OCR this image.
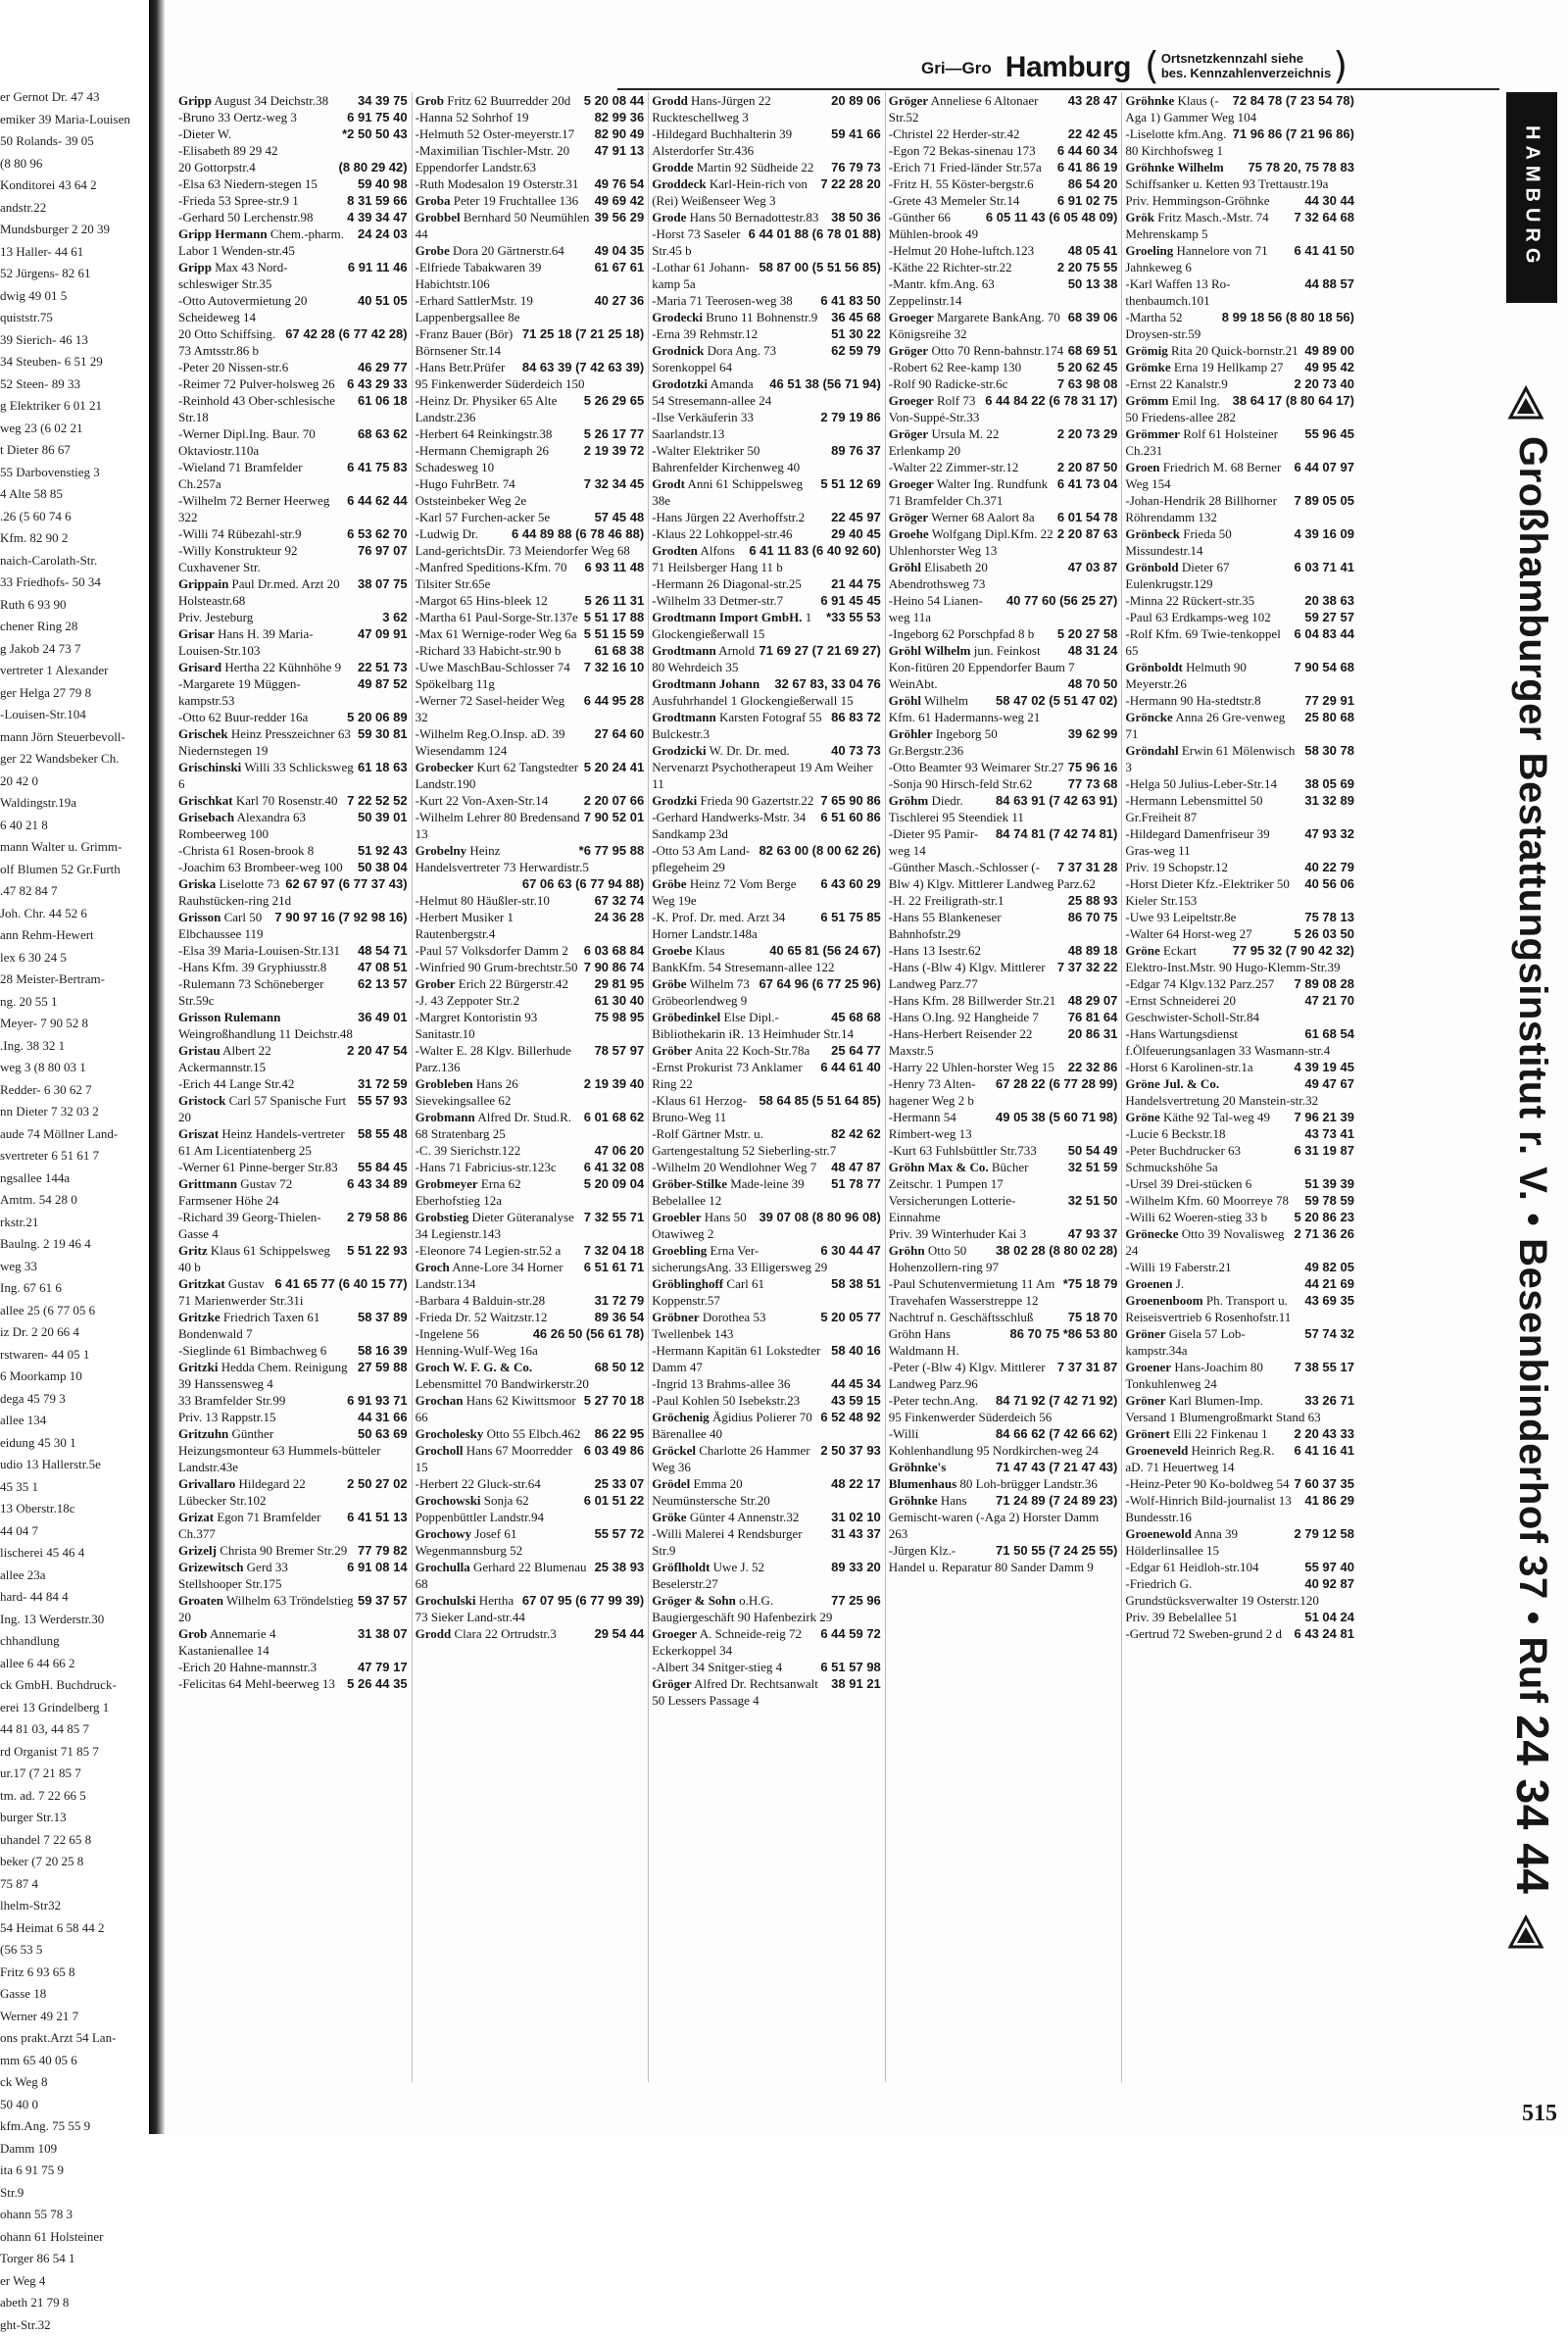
er Gernot Dr. 47 43
emiker 39 Maria-Louisen
50 Rolands- 39 05
(8 80 96
Konditorei 43 64 2
andstr.22
Mundsburger 2 20 39
13 Haller- 44 61
52 Jürgens- 82 61
dwig 49 01 5
quiststr.75
39 Sierich- 46 13
34 Steuben- 6 51 29
52 Steen- 89 33
g Elektriker 6 01 21
weg 23 (6 02 21
t Dieter 86 67
55 Darbovenstieg 3
4 Alte 58 85
.26 (5 60 74 6
Kfm. 82 90 2
naich-Carolath-Str.
33 Friedhofs- 50 34
Ruth 6 93 90
chener Ring 28
g Jakob 24 73 7
vertreter 1 Alexander
ger Helga 27 79 8
-Louisen-Str.104
mann Jörn Steuerbevoll-
ger 22 Wandsbeker Ch.
20 42 0
Waldingstr.19a
6 40 21 8
mann Walter u. Grimm-
olf Blumen 52 Gr.Furth
.47 82 84 7
Joh. Chr. 44 52 6
ann Rehm-Hewert
lex 6 30 24 5
28 Meister-Bertram-
ng. 20 55 1
Meyer- 7 90 52 8
.Ing. 38 32 1
weg 3 (8 80 03 1
Redder- 6 30 62 7
nn Dieter 7 32 03 2
aude 74 Möllner Land-
svertreter 6 51 61 7
ngsallee 144a
Amtm. 54 28 0
rkstr.21
Baulng. 2 19 46 4
weg 33
Ing. 67 61 6
allee 25 (6 77 05 6
iz Dr. 2 20 66 4
rstwaren- 44 05 1
6 Moorkamp 10
dega 45 79 3
allee 134
eidung 45 30 1
udio 13 Hallerstr.5e
45 35 1
13 Oberstr.18c
44 04 7
lischerei 45 46 4
allee 23a
hard- 44 84 4
Ing. 13 Werderstr.30
chhandlung
allee 6 44 66 2
ck GmbH. Buchdruck-
erei 13 Grindelberg 1
44 81 03, 44 85 7
rd Organist 71 85 7
ur.17 (7 21 85 7
tm. ad. 7 22 66 5
burger Str.13
uhandel 7 22 65 8
beker (7 20 25 8
75 87 4
lhelm-Str32
54 Heimat 6 58 44 2
(56 53 5
Fritz 6 93 65 8
Gasse 18
Werner 49 21 7
ons prakt.Arzt 54 Lan-
mm 65 40 05 6
ck Weg 8
50 40 0
kfm.Ang. 75 55 9
Damm 109
ita 6 91 75 9
Str.9
ohann 55 78 3
ohann 61 Holsteiner
Torger 86 54 1
er Weg 4
abeth 21 79 8
ght-Str.32
Gri—Gro Hamburg ( Ortsnetzkennzahl siehe
bes. Kennzahlenverzeichnis )
34 39 75
Gripp August 34 Deichstr.38
6 91 75 40
-Bruno 33 Oertz-weg 3
*2 50 50 43
-Dieter W.
-Elisabeth 89 29 42
(8 80 29 42)
20 Gottorpstr.4
59 40 98
-Elsa 63 Niedern-stegen 15
8 31 59 66
-Frieda 53 Spree-str.9 1
4 39 34 47
-Gerhard 50 Lerchenstr.98
24 24 03
Gripp Hermann Chem.-pharm. Labor 1 Wenden-str.45
6 91 11 46
Gripp Max 43 Nord-schleswiger Str.35
40 51 05
-Otto Autovermietung 20 Scheideweg 14
67 42 28 (6 77 42 28)
20 Otto Schiffsing. 73 Amtsstr.86 b
46 29 77
-Peter 20 Nissen-str.6
6 43 29 33
-Reimer 72 Pulver-holsweg 26
61 06 18
-Reinhold 43 Ober-schlesische Str.18
68 63 62
-Werner Dipl.Ing. Baur. 70 Oktaviostr.110a
6 41 75 83
-Wieland 71 Bramfelder Ch.257a
6 44 62 44
-Wilhelm 72 Berner Heerweg 322
6 53 62 70
-Willi 74 Rübezahl-str.9
76 97 07
-Willy Konstrukteur 92 Cuxhavener Str.
38 07 75
Grippain Paul Dr.med. Arzt 20 Holsteastr.68
3 62
Priv. Jesteburg
47 09 91
Grisar Hans H. 39 Maria-Louisen-Str.103
22 51 73
Grisard Hertha 22 Kühnhöhe 9
49 87 52
-Margarete 19 Müggen-kampstr.53
5 20 06 89
-Otto 62 Buur-redder 16a
59 30 81
Grischek Heinz Presszeichner 63 Niedernstegen 19
61 18 63
Grischinski Willi 33 Schlicksweg 6
7 22 52 52
Grischkat Karl 70 Rosenstr.40
50 39 01
Grisebach Alexandra 63 Rombeerweg 100
51 92 43
-Christa 61 Rosen-brook 8
50 38 04
-Joachim 63 Brombeer-weg 100
62 67 97 (6 77 37 43)
Griska Liselotte 73 Rauhstücken-ring 21d
7 90 97 16 (7 92 98 16)
Grisson Carl 50 Elbchaussee 119
48 54 71
-Elsa 39 Maria-Louisen-Str.131
47 08 51
-Hans Kfm. 39 Gryphiusstr.8
62 13 57
-Rulemann 73 Schöneberger Str.59c
36 49 01
Grisson Rulemann Weingroßhandlung 11 Deichstr.48
2 20 47 54
Gristau Albert 22 Ackermannstr.15
31 72 59
-Erich 44 Lange Str.42
55 57 93
Gristock Carl 57 Spanische Furt 20
58 55 48
Griszat Heinz Handels-vertreter 61 Am Licentiatenberg 25
55 84 45
-Werner 61 Pinne-berger Str.83
6 43 34 89
Grittmann Gustav 72 Farmsener Höhe 24
2 79 58 86
-Richard 39 Georg-Thielen-Gasse 4
5 51 22 93
Gritz Klaus 61 Schippelsweg 40 b
6 41 65 77 (6 40 15 77)
Gritzkat Gustav 71 Marienwerder Str.31i
58 37 89
Gritzke Friedrich Taxen 61 Bondenwald 7
58 16 39
-Sieglinde 61 Bimbachweg 6
27 59 88
Gritzki Hedda Chem. Reinigung 39 Hanssensweg 4
6 91 93 71
33 Bramfelder Str.99
44 31 66
Priv. 13 Rappstr.15
50 63 69
Gritzuhn Günther Heizungsmonteur 63 Hummels-bütteler Landstr.43e
2 50 27 02
Grivallaro Hildegard 22 Lübecker Str.102
6 41 51 13
Grizat Egon 71 Bramfelder Ch.377
77 79 82
Grizelj Christa 90 Bremer Str.29
6 91 08 14
Grizewitsch Gerd 33 Stellshooper Str.175
59 37 57
Groaten Wilhelm 63 Tröndelstieg 20
31 38 07
Grob Annemarie 4 Kastanienallee 14
47 79 17
-Erich 20 Hahne-mannstr.3
5 26 44 35
-Felicitas 64 Mehl-beerweg 13
5 20 08 44
Grob Fritz 62 Buurredder 20d
82 99 36
-Hanna 52 Sohrhof 19
82 90 49
-Helmuth 52 Oster-meyerstr.17
47 91 13
-Maximilian Tischler-Mstr. 20 Eppendorfer Landstr.63
49 76 54
-Ruth Modesalon 19 Osterstr.31
49 69 42
Groba Peter 19 Fruchtallee 136
39 56 29
Grobbel Bernhard 50 Neumühlen 44
49 04 35
Grobe Dora 20 Gärtnerstr.64
61 67 61
-Elfriede Tabakwaren 39 Habichtstr.106
40 27 36
-Erhard SattlerMstr. 19 Lappenbergsallee 8e
71 25 18 (7 21 25 18)
-Franz Bauer (Bör) Börnsener Str.14
84 63 39 (7 42 63 39)
-Hans Betr.Prüfer 95 Finkenwerder Süderdeich 150
5 26 29 65
-Heinz Dr. Physiker 65 Alte Landstr.236
5 26 17 77
-Herbert 64 Reinkingstr.38
2 19 39 72
-Hermann Chemigraph 26 Schadesweg 10
7 32 34 45
-Hugo FuhrBetr. 74 Oststeinbeker Weg 2e
57 45 48
-Karl 57 Furchen-acker 5e
6 44 89 88 (6 78 46 88)
-Ludwig Dr. Land-gerichtsDir. 73 Meiendorfer Weg 68
6 93 11 48
-Manfred Speditions-Kfm. 70 Tilsiter Str.65e
5 26 11 31
-Margot 65 Hins-bleek 12
5 51 17 88
-Martha 61 Paul-Sorge-Str.137e
5 51 15 59
-Max 61 Wernige-roder Weg 6a
61 68 38
-Richard 33 Habicht-str.90 b
7 32 16 10
-Uwe MaschBau-Schlosser 74 Spökelbarg 11g
6 44 95 28
-Werner 72 Sasel-heider Weg 32
27 64 60
-Wilhelm Reg.O.Insp. aD. 39 Wiesendamm 124
5 20 24 41
Grobecker Kurt 62 Tangstedter Landstr.190
2 20 07 66
-Kurt 22 Von-Axen-Str.14
7 90 52 01
-Wilhelm Lehrer 80 Bredensand 13
*6 77 95 88
Grobelny Heinz Handelsvertreter 73 Herwardistr.5
67 06 63 (6 77 94 88)
67 32 74
-Helmut 80 Häußler-str.10
24 36 28
-Herbert Musiker 1 Rautenbergstr.4
6 03 68 84
-Paul 57 Volksdorfer Damm 2
7 90 86 74
-Winfried 90 Grum-brechtstr.50
29 81 95
Grober Erich 22 Bürgerstr.42
61 30 40
-J. 43 Zeppoter Str.2
75 98 95
-Margret Kontoristin 93 Sanitastr.10
78 57 97
-Walter E. 28 Klgv. Billerhude Parz.136
2 19 39 40
Grobleben Hans 26 Sievekingsallee 62
6 01 68 62
Grobmann Alfred Dr. Stud.R. 68 Stratenbarg 25
47 06 20
-C. 39 Sierichstr.122
6 41 32 08
-Hans 71 Fabricius-str.123c
5 20 09 04
Grobmeyer Erna 62 Eberhofstieg 12a
7 32 55 71
Grobstieg Dieter Güteranalyse 34 Legienstr.143
7 32 04 18
-Eleonore 74 Legien-str.52 a
6 51 61 71
Groch Anne-Lore 34 Horner Landstr.134
31 72 79
-Barbara 4 Balduin-str.28
89 36 54
-Frieda Dr. 52 Waitzstr.12
46 26 50 (56 61 78)
-Ingelene 56 Henning-Wulf-Weg 16a
68 50 12
Groch W. F. G. & Co. Lebensmittel 70 Bandwirkerstr.20
5 27 70 18
Grochan Hans 62 Kiwittsmoor 66
86 22 95
Grocholesky Otto 55 Elbch.462
6 03 49 86
Grocholl Hans 67 Moorredder 15
25 33 07
-Herbert 22 Gluck-str.64
6 01 51 22
Grochowski Sonja 62 Poppenbüttler Landstr.94
55 57 72
Grochowy Josef 61 Wegenmannsburg 52
25 38 93
Grochulla Gerhard 22 Blumenau 68
67 07 95 (6 77 99 39)
Grochulski Hertha 73 Sieker Land-str.44
29 54 44
Grodd Clara 22 Ortrudstr.3
20 89 06
Grodd Hans-Jürgen 22 Ruckteschellweg 3
59 41 66
-Hildegard Buchhalterin 39 Alsterdorfer Str.436
76 79 73
Grodde Martin 92 Südheide 22
7 22 28 20
Groddeck Karl-Hein-rich von (Rei) Weißenseer Weg 3
38 50 36
Grode Hans 50 Bernadottestr.83
6 44 01 88 (6 78 01 88)
-Horst 73 Saseler Str.45 b
58 87 00 (5 51 56 85)
-Lothar 61 Johann-kamp 5a
6 41 83 50
-Maria 71 Teerosen-weg 38
36 45 68
Grodecki Bruno 11 Bohnenstr.9
51 30 22
-Erna 39 Rehmstr.12
62 59 79
Grodnick Dora Ang. 73 Sorenkoppel 64
46 51 38 (56 71 94)
Grodotzki Amanda 54 Stresemann-allee 24
2 79 19 86
-Ilse Verkäuferin 33 Saarlandstr.13
89 76 37
-Walter Elektriker 50 Bahrenfelder Kirchenweg 40
5 51 12 69
Grodt Anni 61 Schippelsweg 38e
22 45 97
-Hans Jürgen 22 Averhoffstr.2
29 40 45
-Klaus 22 Lohkoppel-str.46
6 41 11 83 (6 40 92 60)
Grodten Alfons 71 Heilsberger Hang 11 b
21 44 75
-Hermann 26 Diagonal-str.25
6 91 45 45
-Wilhelm 33 Detmer-str.7
*33 55 53
Grodtmann Import GmbH. 1 Glockengießerwall 15
71 69 27 (7 21 69 27)
Grodtmann Arnold 80 Wehrdeich 35
32 67 83, 33 04 76
Grodtmann Johann Ausfuhrhandel 1 Glockengießerwall 15
86 83 72
Grodtmann Karsten Fotograf 55 Bulckestr.3
40 73 73
Grodzicki W. Dr. Dr. med. Nervenarzt Psychotherapeut 19 Am Weiher 11
7 65 90 86
Grodzki Frieda 90 Gazertstr.22
6 51 60 86
-Gerhard Handwerks-Mstr. 34 Sandkamp 23d
82 63 00 (8 00 62 26)
-Otto 53 Am Land-pflegeheim 29
6 43 60 29
Gröbe Heinz 72 Vom Berge Weg 19e
6 51 75 85
-K. Prof. Dr. med. Arzt 34 Horner Landstr.148a
40 65 81 (56 24 67)
Groebe Klaus BankKfm. 54 Stresemann-allee 122
67 64 96 (6 77 25 96)
Gröbe Wilhelm 73 Gröbeorlendweg 9
45 68 68
Gröbedinkel Else Dipl.-Bibliothekarin iR. 13 Heimhuder Str.14
25 64 77
Gröber Anita 22 Koch-Str.78a
6 44 61 40
-Ernst Prokurist 73 Anklamer Ring 22
58 64 85 (5 51 64 85)
-Klaus 61 Herzog-Bruno-Weg 11
82 42 62
-Rolf Gärtner Mstr. u. Gartengestaltung 52 Sieberling-str.7
48 47 87
-Wilhelm 20 Wendlohner Weg 7
51 78 77
Gröber-Stilke Made-leine 39 Bebelallee 12
39 07 08 (8 80 96 08)
Groebler Hans 50 Otawiweg 2
6 30 44 47
Groebling Erna Ver-sicherungsAng. 33 Elligersweg 29
58 38 51
Gröblinghoff Carl 61 Koppenstr.57
5 20 05 77
Gröbner Dorothea 53 Twellenbek 143
58 40 16
-Hermann Kapitän 61 Lokstedter Damm 47
44 45 34
-Ingrid 13 Brahms-allee 36
43 59 15
-Paul Kohlen 50 Isebekstr.23
6 52 48 92
Gröchenig Ägidius Polierer 70 Bärenallee 40
2 50 37 93
Gröckel Charlotte 26 Hammer Weg 36
48 22 17
Grödel Emma 20 Neumünstersche Str.20
31 02 10
Gröke Günter 4 Annenstr.32
31 43 37
-Willi Malerei 4 Rendsburger Str.9
89 33 20
Gröflholdt Uwe J. 52 Beselerstr.27
77 25 96
Gröger & Sohn o.H.G. Baugiergeschäft 90 Hafenbezirk 29
6 44 59 72
Groeger A. Schneide-reig 72 Eckerkoppel 34
6 51 57 98
-Albert 34 Snitger-stieg 4
38 91 21
Gröger Alfred Dr. Rechtsanwalt 50 Lessers Passage 4
43 28 47
Gröger Anneliese 6 Altonaer Str.52
22 42 45
-Christel 22 Herder-str.42
6 44 60 34
-Egon 72 Bekas-sinenau 173
6 41 86 19
-Erich 71 Fried-länder Str.57a
86 54 20
-Fritz H. 55 Köster-bergstr.6
6 91 02 75
-Grete 43 Memeler Str.14
6 05 11 43 (6 05 48 09)
-Günther 66 Mühlen-brook 49
48 05 41
-Helmut 20 Hohe-luftch.123
2 20 75 55
-Käthe 22 Richter-str.22
50 13 38
-Mantr. kfm.Ang. 63 Zeppelinstr.14
68 39 06
Groeger Margarete BankAng. 70 Königsreihe 32
68 69 51
Gröger Otto 70 Renn-bahnstr.174
5 20 62 45
-Robert 62 Ree-kamp 130
7 63 98 08
-Rolf 90 Radicke-str.6c
6 44 84 22 (6 78 31 17)
Groeger Rolf 73 Von-Suppé-Str.33
2 20 73 29
Gröger Ursula M. 22 Erlenkamp 20
2 20 87 50
-Walter 22 Zimmer-str.12
6 41 73 04
Groeger Walter Ing. Rundfunk 71 Bramfelder Ch.371
6 01 54 78
Gröger Werner 68 Aalort 8a
2 20 87 63
Groehe Wolfgang Dipl.Kfm. 22 Uhlenhorster Weg 13
47 03 87
Gröhl Elisabeth 20 Abendrothsweg 73
40 77 60 (56 25 27)
-Heino 54 Lianen-weg 11a
5 20 27 58
-Ingeborg 62 Porschpfad 8 b
48 31 24
Gröhl Wilhelm jun. Feinkost Kon-fitüren 20 Eppendorfer Baum 7
48 70 50
WeinAbt.
58 47 02 (5 51 47 02)
Gröhl Wilhelm Kfm. 61 Hadermanns-weg 21
39 62 99
Gröhler Ingeborg 50 Gr.Bergstr.236
75 96 16
-Otto Beamter 93 Weimarer Str.27
77 73 68
-Sonja 90 Hirsch-feld Str.62
84 63 91 (7 42 63 91)
Gröhm Diedr. Tischlerei 95 Steendiek 11
84 74 81 (7 42 74 81)
-Dieter 95 Pamir-weg 14
7 37 31 28
-Günther Masch.-Schlosser (-Blw 4) Klgv. Mittlerer Landweg Parz.62
25 88 93
-H. 22 Freiligrath-str.1
86 70 75
-Hans 55 Blankeneser Bahnhofstr.29
48 89 18
-Hans 13 Isestr.62
7 37 32 22
-Hans (-Blw 4) Klgv. Mittlerer Landweg Parz.77
48 29 07
-Hans Kfm. 28 Billwerder Str.21
76 81 64
-Hans O.Ing. 92 Hangheide 7
20 86 31
-Hans-Herbert Reisender 22 Maxstr.5
22 32 86
-Harry 22 Uhlen-horster Weg 15
67 28 22 (6 77 28 99)
-Henry 73 Alten-hagener Weg 2 b
49 05 38 (5 60 71 98)
-Hermann 54 Rimbert-weg 13
50 54 49
-Kurt 63 Fuhlsbüttler Str.733
32 51 59
Gröhn Max & Co. Bücher Zeitschr. 1 Pumpen 17
32 51 50
Versicherungen Lotterie-Einnahme
47 93 37
Priv. 39 Winterhuder Kai 3
38 02 28 (8 80 02 28)
Gröhn Otto 50 Hohenzollern-ring 97
*75 18 79
-Paul Schutenvermietung 11 Am Travehafen Wasserstreppe 12
75 18 70
Nachtruf n. Geschäftsschluß
86 70 75 *86 53 80
Gröhn Hans Waldmann H.
7 37 31 87
-Peter (-Blw 4) Klgv. Mittlerer Landweg Parz.96
84 71 92 (7 42 71 92)
-Peter techn.Ang. 95 Finkenwerder Süderdeich 56
84 66 62 (7 42 66 62)
-Willi Kohlenhandlung 95 Nordkirchen-weg 24
71 47 43 (7 21 47 43)
Gröhnke's Blumenhaus 80 Loh-brügger Landstr.36
71 24 89 (7 24 89 23)
Gröhnke Hans Gemischt-waren (-Aga 2) Horster Damm 263
71 50 55 (7 24 25 55)
-Jürgen Klz.-Handel u. Reparatur 80 Sander Damm 9
72 84 78 (7 23 54 78)
Gröhnke Klaus (-Aga 1) Gammer Weg 104
71 96 86 (7 21 96 86)
-Liselotte kfm.Ang. 80 Kirchhofsweg 1
75 78 20, 75 78 83
Gröhnke Wilhelm Schiffsanker u. Ketten 93 Trettaustr.19a
44 30 44
Priv. Hemmingson-Gröhnke
7 32 64 68
Grök Fritz Masch.-Mstr. 74 Mehrenskamp 5
6 41 41 50
Groeling Hannelore von 71 Jahnkeweg 6
44 88 57
-Karl Waffen 13 Ro-thenbaumch.101
8 99 18 56 (8 80 18 56)
-Martha 52 Droysen-str.59
49 89 00
Grömig Rita 20 Quick-bornstr.21
49 95 42
Grömke Erna 19 Hellkamp 27
2 20 73 40
-Ernst 22 Kanalstr.9
38 64 17 (8 80 64 17)
Grömm Emil Ing. 50 Friedens-allee 282
55 96 45
Grömmer Rolf 61 Holsteiner Ch.231
6 44 07 97
Groen Friedrich M. 68 Berner Weg 154
7 89 05 05
-Johan-Hendrik 28 Billhorner Röhrendamm 132
4 39 16 09
Grönbeck Frieda 50 Missundestr.14
6 03 71 41
Grönbold Dieter 67 Eulenkrugstr.129
20 38 63
-Minna 22 Rückert-str.35
59 27 57
-Paul 63 Erdkamps-weg 102
6 04 83 44
-Rolf Kfm. 69 Twie-tenkoppel 65
7 90 54 68
Grönboldt Helmuth 90 Meyerstr.26
77 29 91
-Hermann 90 Ha-stedtstr.8
25 80 68
Gröncke Anna 26 Gre-venweg 71
58 30 78
Gröndahl Erwin 61 Mölenwisch 3
38 05 69
-Helga 50 Julius-Leber-Str.14
31 32 89
-Hermann Lebensmittel 50 Gr.Freiheit 87
47 93 32
-Hildegard Damenfriseur 39 Gras-weg 11
40 22 79
Priv. 19 Schopstr.12
40 56 06
-Horst Dieter Kfz.-Elektriker 50 Kieler Str.153
75 78 13
-Uwe 93 Leipeltstr.8e
5 26 03 50
-Walter 64 Horst-weg 27
77 95 32 (7 90 42 32)
Gröne Eckart Elektro-Inst.Mstr. 90 Hugo-Klemm-Str.39
7 89 08 28
-Edgar 74 Klgv.132 Parz.257
47 21 70
-Ernst Schneiderei 20 Geschwister-Scholl-Str.84
61 68 54
-Hans Wartungsdienst f.Ölfeuerungsanlagen 33 Wasmann-str.4
4 39 19 45
-Horst 6 Karolinen-str.1a
49 47 67
Gröne Jul. & Co. Handelsvertretung 20 Manstein-str.32
7 96 21 39
Gröne Käthe 92 Tal-weg 49
43 73 41
-Lucie 6 Beckstr.18
6 31 19 87
-Peter Buchdrucker 63 Schmuckshöhe 5a
51 39 39
-Ursel 39 Drei-stücken 6
59 78 59
-Wilhelm Kfm. 60 Moorreye 78
5 20 86 23
-Willi 62 Woeren-stieg 33 b
2 71 36 26
Grönecke Otto 39 Novalisweg 24
49 82 05
-Willi 19 Faberstr.21
44 21 69
Groenen J.
43 69 35
Groenenboom Ph. Transport u. Reiseisvertrieb 6 Rosenhofstr.11
57 74 32
Gröner Gisela 57 Lob-kampstr.34a
7 38 55 17
Groener Hans-Joachim 80 Tonkuhlenweg 24
33 26 71
Gröner Karl Blumen-Imp. Versand 1 Blumengroßmarkt Stand 63
2 20 43 33
Grönert Elli 22 Finkenau 1
6 41 16 41
Groeneveld Heinrich Reg.R. aD. 71 Heuertweg 14
7 60 37 35
-Heinz-Peter 90 Ko-boldweg 54
41 86 29
-Wolf-Hinrich Bild-journalist 13 Bundesstr.16
2 79 12 58
Groenewold Anna 39 Hölderlinsallee 15
55 97 40
-Edgar 61 Heidloh-str.104
40 92 87
-Friedrich G. Grundstücksverwalter 19 Osterstr.120
51 04 24
Priv. 39 Bebelallee 51
6 43 24 81
-Gertrud 72 Sweben-grund 2 d
HAMBURG
Großhamburger Bestattungsinstitut r. V. • Besenbinderhof 37 • Ruf 24 34 44
515
